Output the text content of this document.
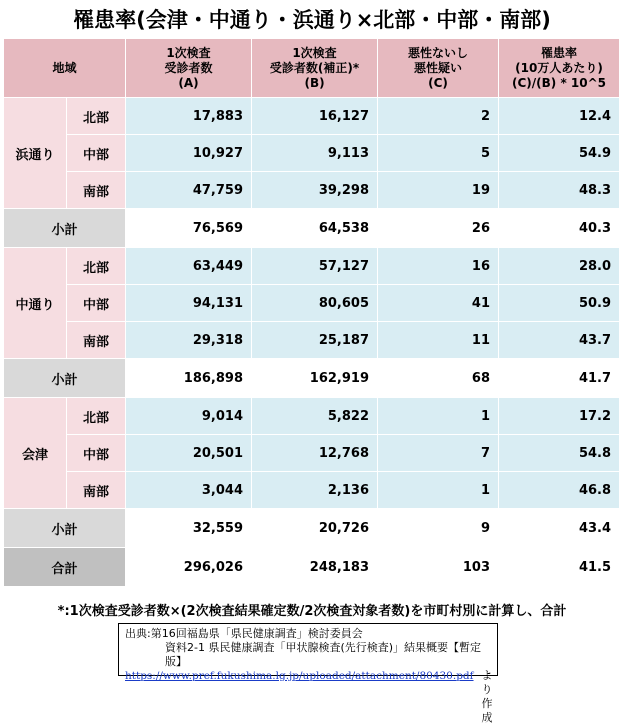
罹患率(会津・中通り・浜通り×北部・中部・南部)
地域		1次検査
受診者数
(A)	1次検査
受診者数(補正)*
(B)	悪性ないし
悪性疑い
(C)	罹患率
(10万人あたり)
(C)/(B) * 10^5
浜通り	北部	17,883	16,127	2	12.4
	中部	10,927	9,113	5	54.9
	南部	47,759	39,298	19	48.3
小計		76,569	64,538	26	40.3
中通り	北部	63,449	57,127	16	28.0
	中部	94,131	80,605	41	50.9
	南部	29,318	25,187	11	43.7
小計		186,898	162,919	68	41.7
会津	北部	9,014	5,822	1	17.2
	中部	20,501	12,768	7	54.8
	南部	3,044	2,136	1	46.8
小計		32,559	20,726	9	43.4
合計		296,026	248,183	103	41.5
*:1次検査受診者数×(2次検査結果確定数/2次検査対象者数)を市町村別に計算し、合計
出典:第16回福島県「県民健康調査」検討委員会
資料2-1 県民健康調査「甲状腺検査(先行検査)」結果概要【暫定版】
https://www.pref.fukushima.lg.jp/uploaded/attachment/80430.pdf より作成
